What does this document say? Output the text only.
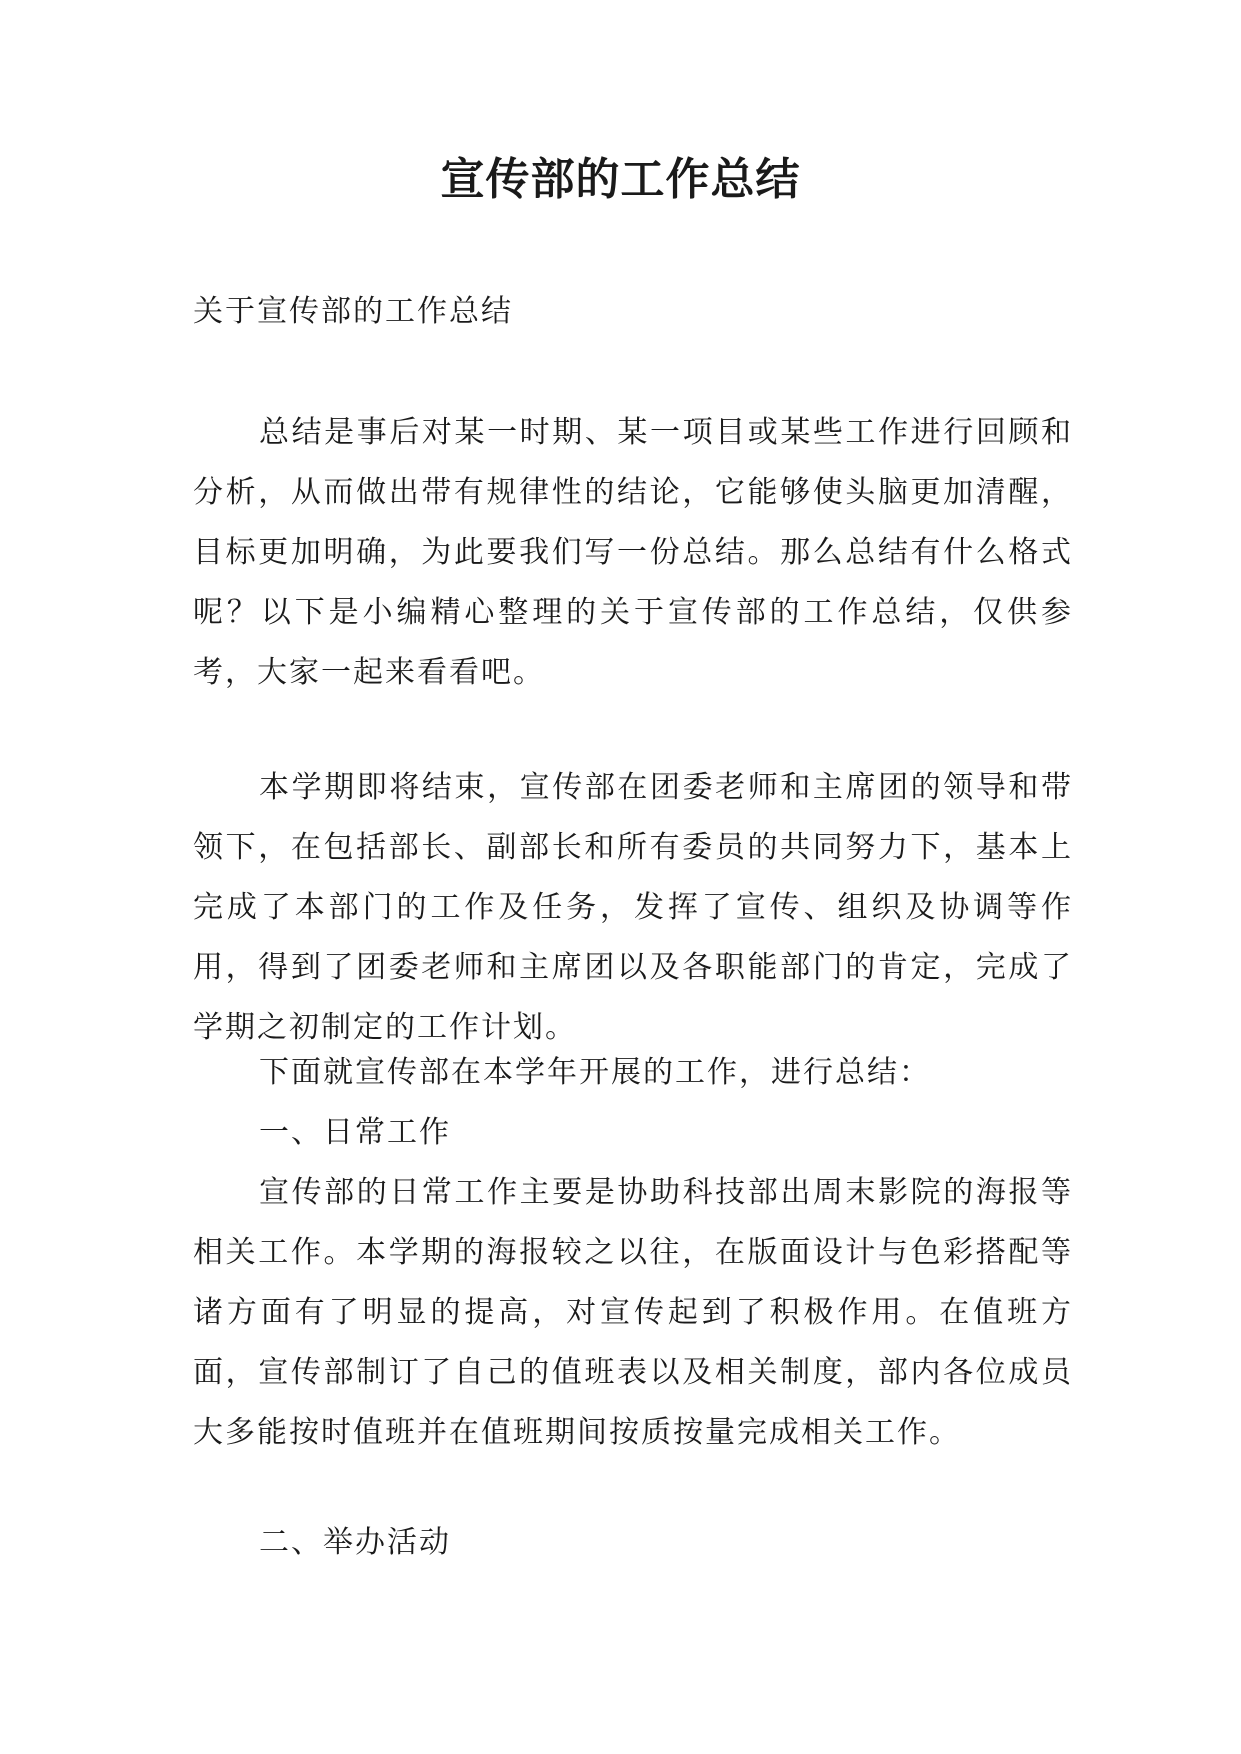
宣传部的工作总结
关于宣传部的工作总结
总结是事后对某一时期、某一项目或某些工作进行回顾和分析，从而做出带有规律性的结论，它能够使头脑更加清醒，目标更加明确，为此要我们写一份总结。那么总结有什么格式呢？以下是小编精心整理的关于宣传部的工作总结，仅供参考，大家一起来看看吧。
本学期即将结束，宣传部在团委老师和主席团的领导和带领下，在包括部长、副部长和所有委员的共同努力下，基本上完成了本部门的工作及任务，发挥了宣传、组织及协调等作用，得到了团委老师和主席团以及各职能部门的肯定，完成了学期之初制定的工作计划。
下面就宣传部在本学年开展的工作，进行总结：
一、日常工作
宣传部的日常工作主要是协助科技部出周末影院的海报等相关工作。本学期的海报较之以往，在版面设计与色彩搭配等诸方面有了明显的提高，对宣传起到了积极作用。在值班方面，宣传部制订了自己的值班表以及相关制度，部内各位成员大多能按时值班并在值班期间按质按量完成相关工作。
二、举办活动
